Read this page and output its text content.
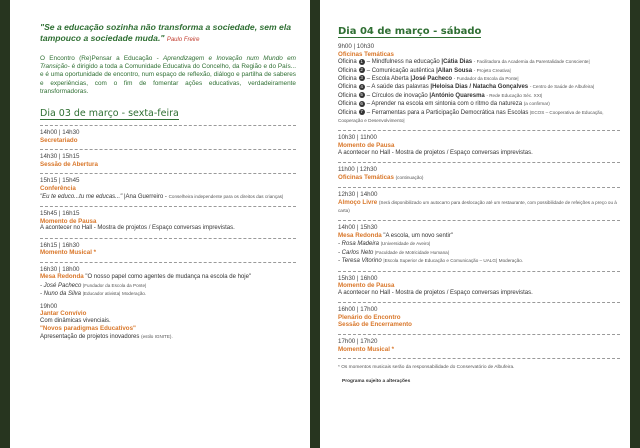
"Se a educação sozinha não transforma a sociedade, sem ela tampouco a sociedade muda." Paulo Freire

O Encontro (Re)Pensar a Educação - Aprendizagem e Inovação num Mundo em Transição- é dirigido a toda a Comunidade Educativa do Concelho, da Região e do País... e é uma oportunidade de encontro, num espaço de reflexão, diálogo e partilha de saberes e experiências, com o fim de fomentar ações educativas, verdadeiramente transformadoras.

Dia 03 de março - sexta-feira
14h00 | 14h30
Secretariado
14h30 | 15h15
Sessão de Abertura
15h15 | 15h45
Conferência
"Eu te educo...tu me educas..." |Ana Guerreiro - Conselheira independente para os direitos das crianças|
15h45 | 16h15
Momento de Pausa
A acontecer no Hall - Mostra de projetos / Espaço conversas imprevistas.
16h15 | 16h30
Momento Musical *
16h30 | 18h00
Mesa Redonda "O nosso papel como agentes de mudança na escola de hoje"
- José Pacheco |Fundador da Escola da Ponte|
- Nuno da Silva |Educador ativista| Moderação.
19h00
Jantar Convívio
Com dinâmicas vivenciais.
"Novos paradigmas Educativos"
Apresentação de projetos inovadores (estilo IGNITE).
Dia 04 de março - sábado
9h00 | 10h30
Oficinas Temáticas
Oficina 1 – Mindfulness na educação |Cátia Dias - Facilitadora da Academia da Parentalidade Consciente|
Oficina 2 – Comunicação autêntica |Allan Sousa - Projeto Creativa|
Oficina 3 – Escola Aberta |José Pacheco - Fundador da Escola da Ponte|
Oficina 4 – A saúde das palavras |Heloisa Dias / Natacha Gonçalves - Centro de Saúde de Albufeira|
Oficina 5 – Círculos de inovação |António Quaresma - Rede Educação Séc. XXI|
Oficina 6 – Aprender na escola em sintonia com o ritmo da natureza (a confirmar)
Oficina 7 – Ferramentas para a Participação Democrática nas Escolas |ECOS – Cooperativa de Educação, Cooperação e Desenvolvimento|
10h30 | 11h00
Momento de Pausa
A acontecer no Hall - Mostra de projetos / Espaço conversas imprevistas.
11h00 | 12h30
Oficinas Temáticas (continuação)
12h30 | 14h00
Almoço Livre (Será disponibilizado um autocarro para deslocação até um restaurante, com possibilidade de refeições a preço ou à carta)
14h00 | 15h30
Mesa Redonda "A escola, um novo sentir"
- Rosa Madeira |Universidade de Aveiro|
- Carlos Neto |Faculdade de Motricidade Humana|
- Teresa Vitorino |Escola Superior de Educação e Comunicação – UALG| Moderação.
15h30 | 16h00
Momento de Pausa
A acontecer no Hall - Mostra de projetos / Espaço conversas imprevistas.
16h00 | 17h00
Plenário do Encontro
Sessão de Encerramento
17h00 | 17h20
Momento Musical *
* Os momentos musicais serão da responsabilidade do Conservatório de Albufeira.
Programa sujeito a alterações
